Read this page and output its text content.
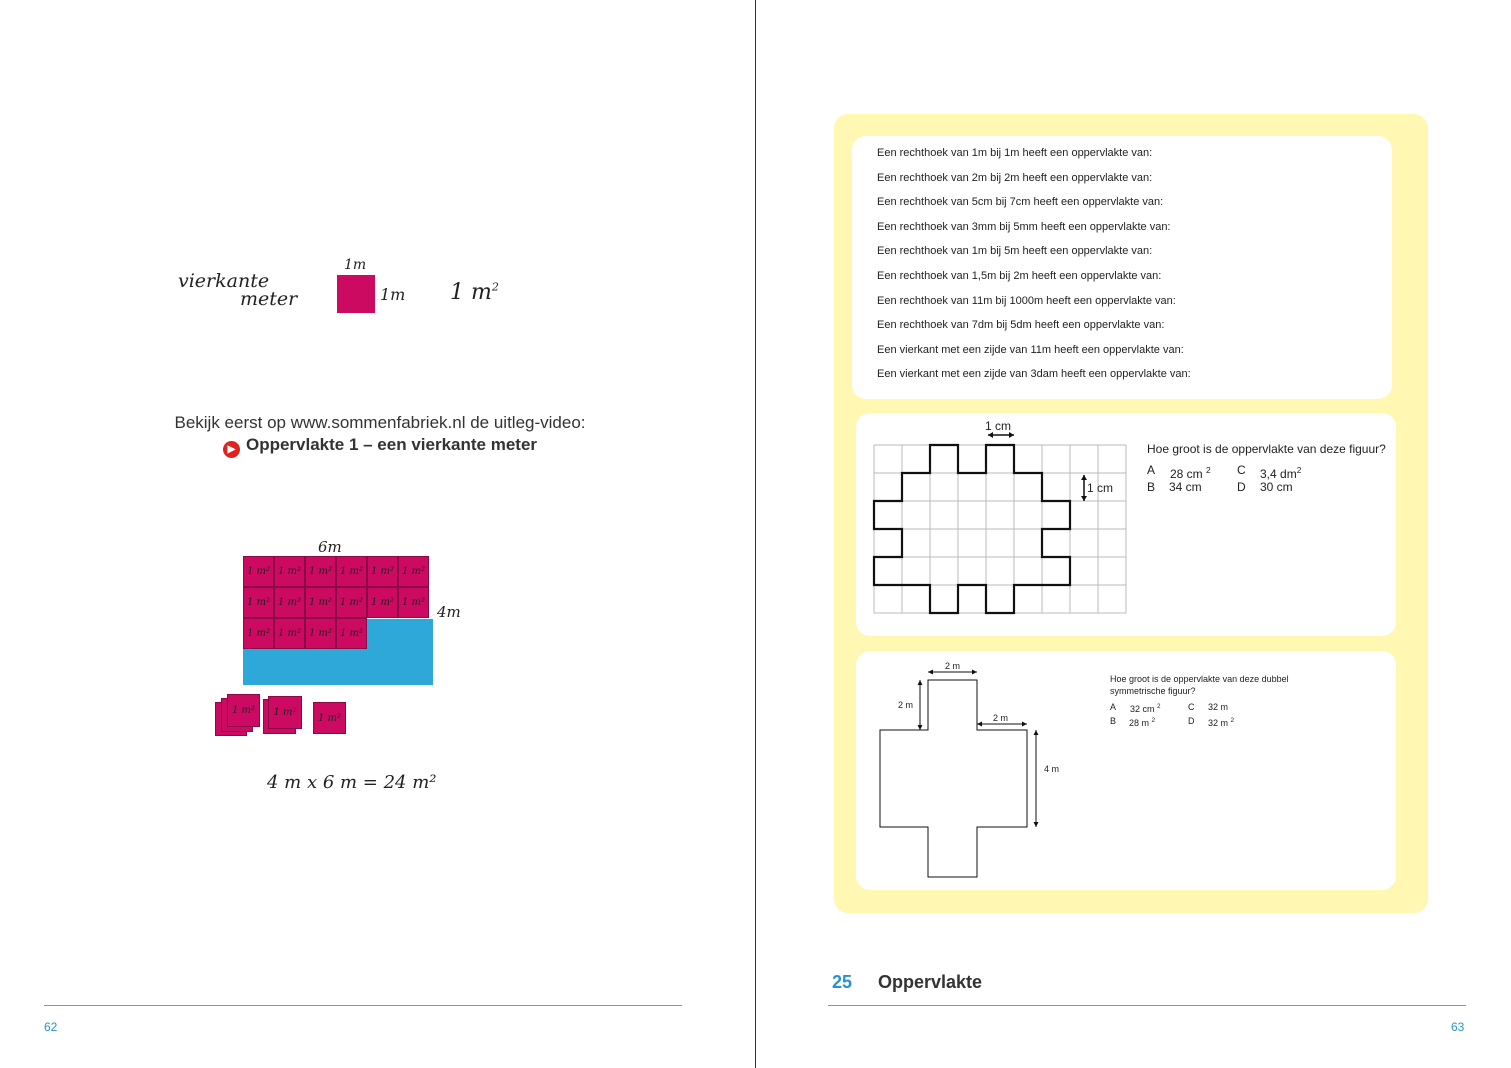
vierkante
meter
1m
1m 1 $m^2$
Bekijk eerst op www.sommenfabriek.nl de uitleg-video:
▶ Oppervlakte 1 – een vierkante meter
6m
1 m² 1 m² 1 m² 1 m² 1 m² 1 m²
1 m² 1 m² 1 m² 1 m² 1 m² 1 m²
1 m² 1 m² 1 m² 1 m²
4m
1 m² 1 m² 1 m²
4 m x 6 m = 24 m²
62
Een rechthoek van 1m bij 1m heeft een oppervlakte van:
Een rechthoek van 2m bij 2m heeft een oppervlakte van:
Een rechthoek van 5cm bij 7cm heeft een oppervlakte van:
Een rechthoek van 3mm bij 5mm heeft een oppervlakte van:
Een rechthoek van 1m bij 5m heeft een oppervlakte van:
Een rechthoek van 1,5m bij 2m heeft een oppervlakte van:
Een rechthoek van 11m bij 1000m heeft een oppervlakte van:
Een rechthoek van 7dm bij 5dm heeft een oppervlakte van:
Een vierkant met een zijde van 11m heeft een oppervlakte van:
Een vierkant met een zijde van 3dam heeft een oppervlakte van:
1 cm
1 cm
Hoe groot is de oppervlakte van deze figuur?
A 28 cm $^2$ C 3,4 $dm^2$
B 34 cm	D 30 cm
2 m
2 m
2 m
4 m
Hoe groot is de oppervlakte van deze dubbel
symmetrische figuur?
A 32 cm $^2$	C 32 m
B 28 m $^2$	D 32 m $^2$
25 Oppervlakte
63
